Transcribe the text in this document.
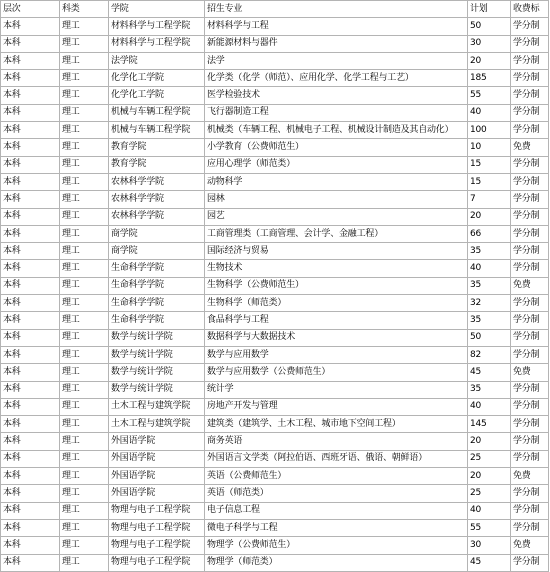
层次	科类	学院	招生专业	计划	收费标
本科	理工	材料科学与工程学院	材料科学与工程	50	学分制
本科	理工	材料科学与工程学院	新能源材料与器件	30	学分制
本科	理工	法学院	法学	20	学分制
本科	理工	化学化工学院	化学类（化学（师范）、应用化学、化学工程与工艺）	185	学分制
本科	理工	化学化工学院	医学检验技术	55	学分制
本科	理工	机械与车辆工程学院	飞行器制造工程	40	学分制
本科	理工	机械与车辆工程学院	机械类（车辆工程、机械电子工程、机械设计制造及其自动化）	100	学分制
本科	理工	教育学院	小学教育（公费师范生）	10	免费
本科	理工	教育学院	应用心理学（师范类）	15	学分制
本科	理工	农林科学学院	动物科学	15	学分制
本科	理工	农林科学学院	园林	7	学分制
本科	理工	农林科学学院	园艺	20	学分制
本科	理工	商学院	工商管理类（工商管理、会计学、金融工程）	66	学分制
本科	理工	商学院	国际经济与贸易	35	学分制
本科	理工	生命科学学院	生物技术	40	学分制
本科	理工	生命科学学院	生物科学（公费师范生）	35	免费
本科	理工	生命科学学院	生物科学（师范类）	32	学分制
本科	理工	生命科学学院	食品科学与工程	35	学分制
本科	理工	数学与统计学院	数据科学与大数据技术	50	学分制
本科	理工	数学与统计学院	数学与应用数学	82	学分制
本科	理工	数学与统计学院	数学与应用数学（公费师范生）	45	免费
本科	理工	数学与统计学院	统计学	35	学分制
本科	理工	土木工程与建筑学院	房地产开发与管理	40	学分制
本科	理工	土木工程与建筑学院	建筑类（建筑学、土木工程、城市地下空间工程）	145	学分制
本科	理工	外国语学院	商务英语	20	学分制
本科	理工	外国语学院	外国语言文学类（阿拉伯语、西班牙语、俄语、朝鲜语）	25	学分制
本科	理工	外国语学院	英语（公费师范生）	20	免费
本科	理工	外国语学院	英语（师范类）	25	学分制
本科	理工	物理与电子工程学院	电子信息工程	40	学分制
本科	理工	物理与电子工程学院	微电子科学与工程	55	学分制
本科	理工	物理与电子工程学院	物理学（公费师范生）	30	免费
本科	理工	物理与电子工程学院	物理学（师范类）	45	学分制
